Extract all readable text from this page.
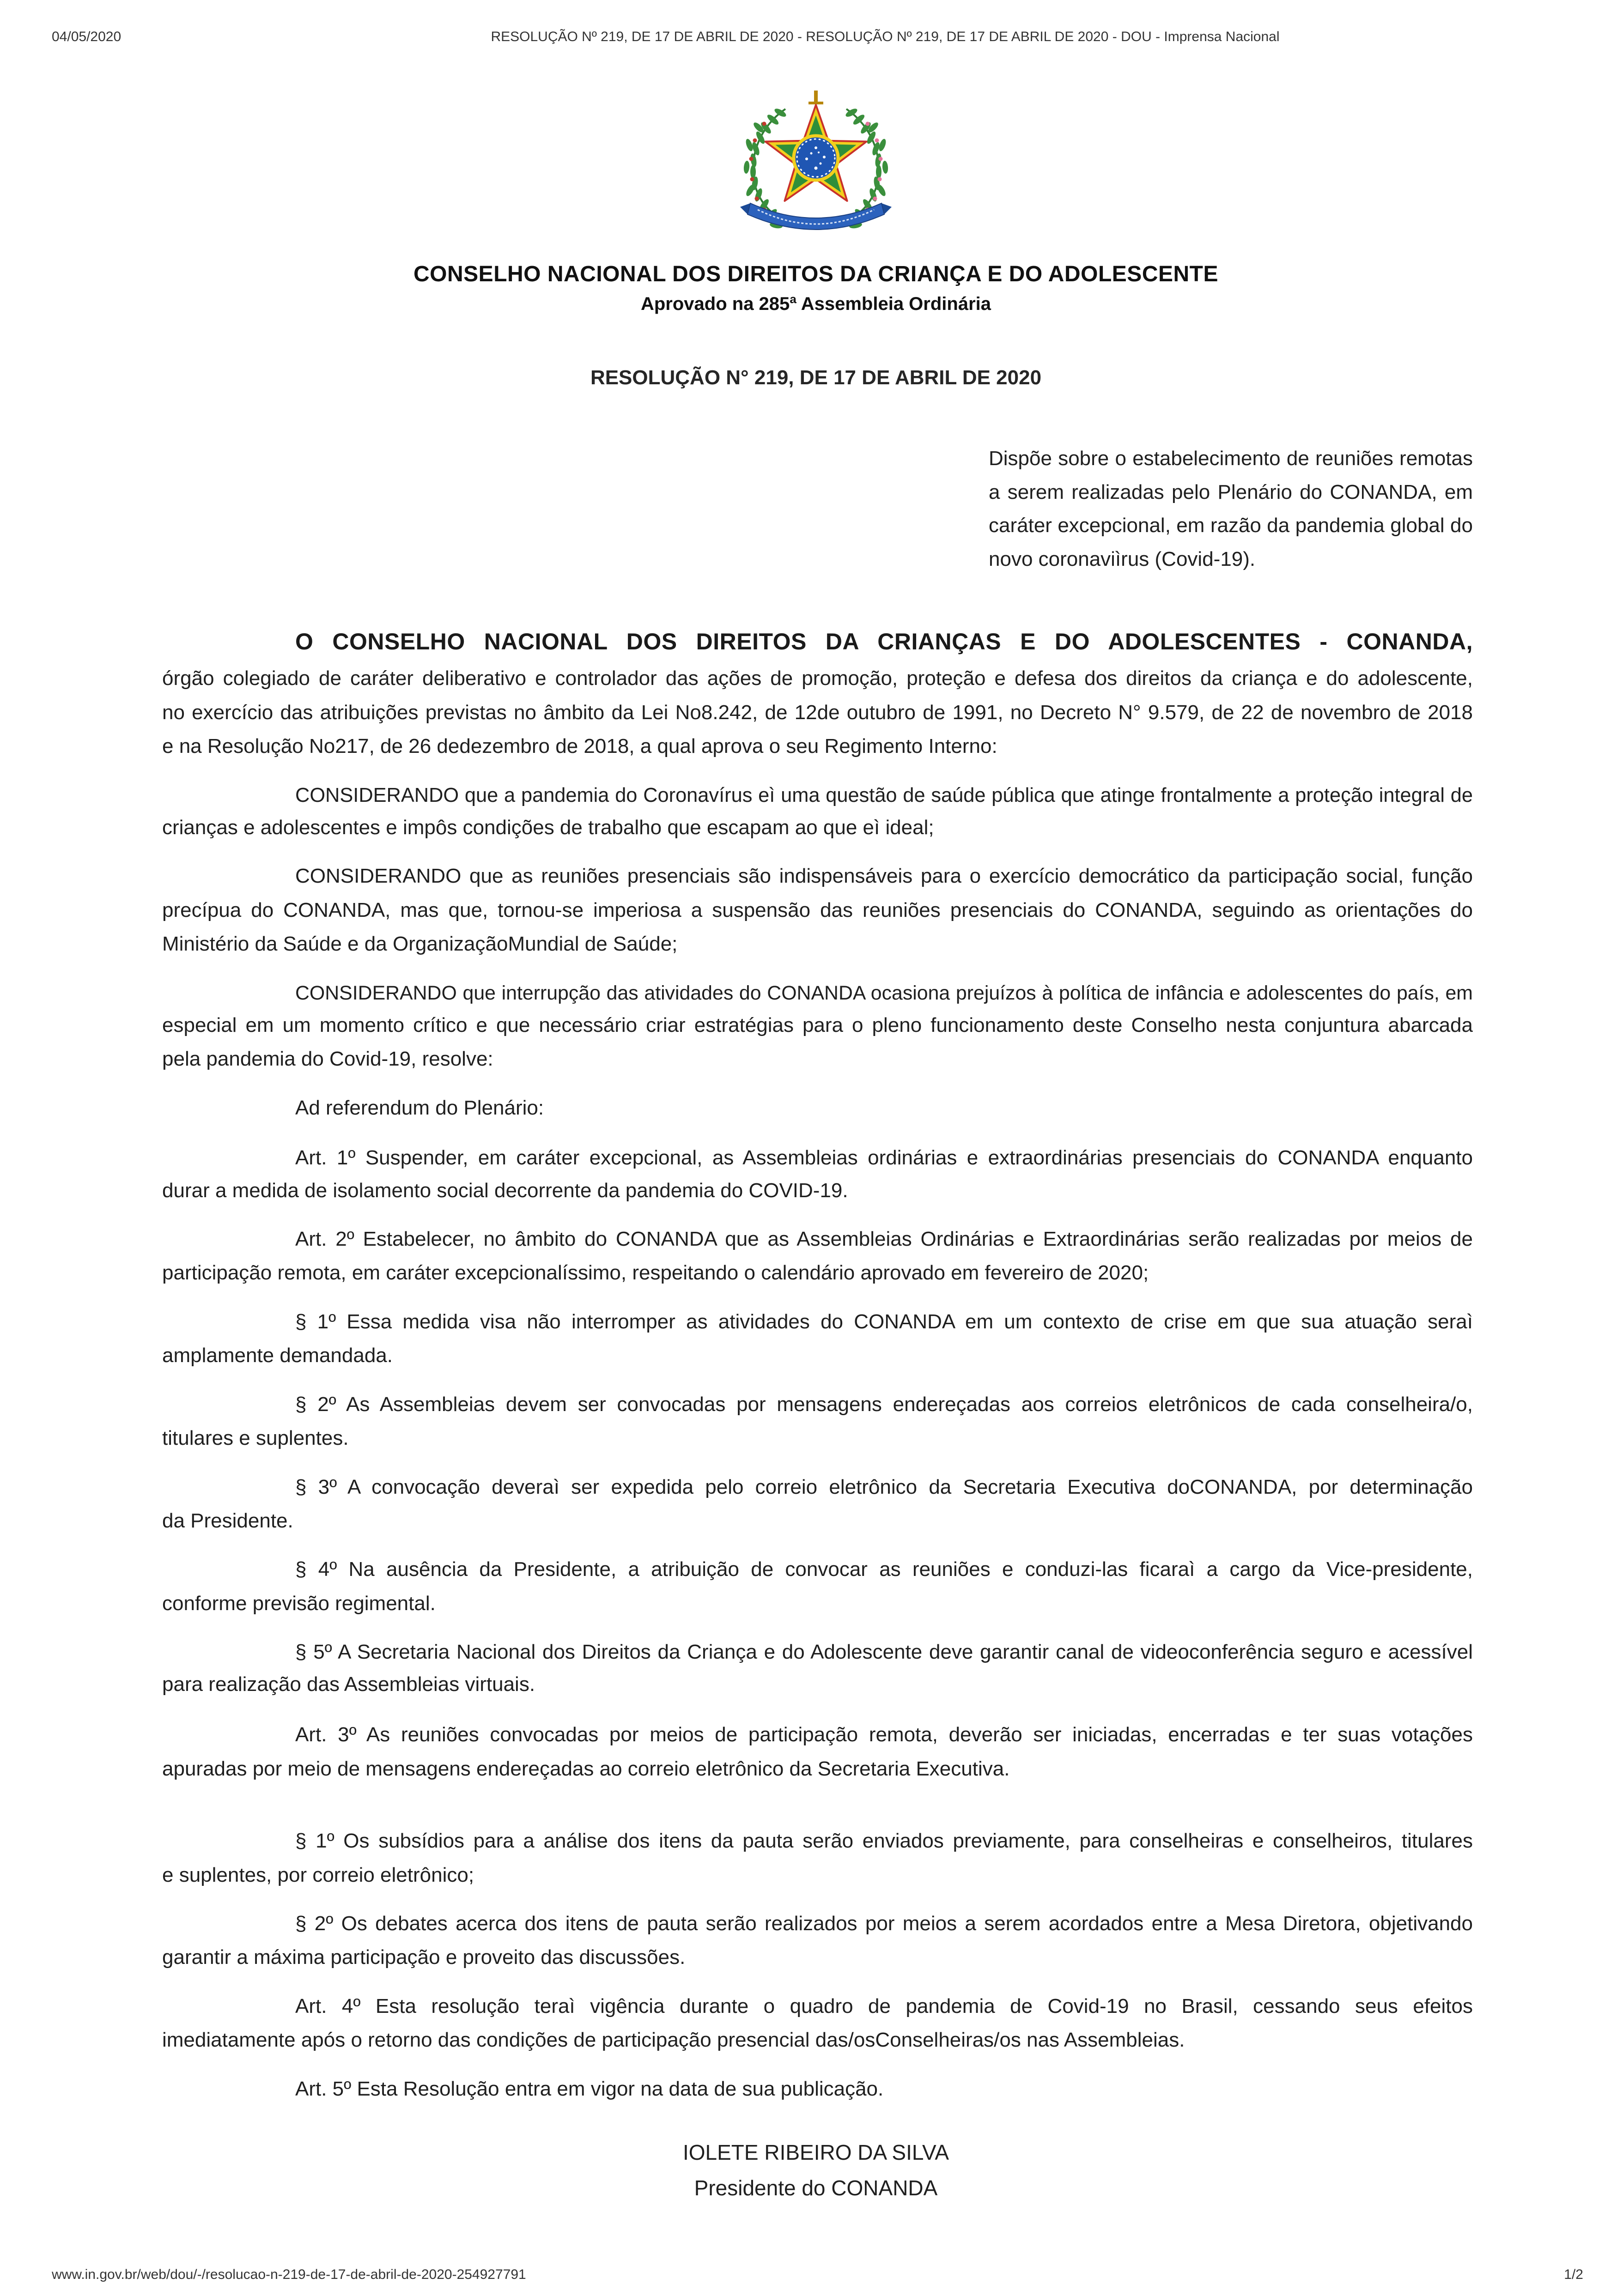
04/05/2020	RESOLUÇÃO Nº 219, DE 17 DE ABRIL DE 2020 - RESOLUÇÃO Nº 219, DE 17 DE ABRIL DE 2020 - DOU - Imprensa Nacional
CONSELHO NACIONAL DOS DIREITOS DA CRIANÇA E DO ADOLESCENTE
Aprovado na 285ª Assembleia Ordinária
RESOLUÇÃO N° 219, DE 17 DE ABRIL DE 2020
Dispõe sobre o estabelecimento de reuniões remotas
a serem realizadas pelo Plenário do CONANDA, em
caráter excepcional, em razão da pandemia global do
novo coronaviìrus (Covid-19).
O CONSELHO NACIONAL DOS DIREITOS DA CRIANÇAS E DO ADOLESCENTES - CONANDA,
órgão colegiado de caráter deliberativo e controlador das ações de promoção, proteção e defesa dos direitos da criança e do adolescente,
no exercício das atribuições previstas no âmbito da Lei No8.242, de 12de outubro de 1991, no Decreto N° 9.579, de 22 de novembro de 2018
e na Resolução No217, de 26 dedezembro de 2018, a qual aprova o seu Regimento Interno:
CONSIDERANDO que a pandemia do Coronavírus eì uma questão de saúde pública que atinge frontalmente a proteção integral de
crianças e adolescentes e impôs condições de trabalho que escapam ao que eì ideal;
CONSIDERANDO que as reuniões presenciais são indispensáveis para o exercício democrático da participação social, função
precípua do CONANDA, mas que, tornou-se imperiosa a suspensão das reuniões presenciais do CONANDA, seguindo as orientações do
Ministério da Saúde e da OrganizaçãoMundial de Saúde;
CONSIDERANDO que interrupção das atividades do CONANDA ocasiona prejuízos à política de infância e adolescentes do país, em
especial em um momento crítico e que necessário criar estratégias para o pleno funcionamento deste Conselho nesta conjuntura abarcada
pela pandemia do Covid-19, resolve:
Ad referendum do Plenário:
Art. 1º Suspender, em caráter excepcional, as Assembleias ordinárias e extraordinárias presenciais do CONANDA enquanto
durar a medida de isolamento social decorrente da pandemia do COVID-19.
Art. 2º Estabelecer, no âmbito do CONANDA que as Assembleias Ordinárias e Extraordinárias serão realizadas por meios de
participação remota, em caráter excepcionalíssimo, respeitando o calendário aprovado em fevereiro de 2020;
§ 1º Essa medida visa não interromper as atividades do CONANDA em um contexto de crise em que sua atuação seraì
amplamente demandada.
§ 2º As Assembleias devem ser convocadas por mensagens endereçadas aos correios eletrônicos de cada conselheira/o,
titulares e suplentes.
§ 3º A convocação deveraì ser expedida pelo correio eletrônico da Secretaria Executiva doCONANDA, por determinação
da Presidente.
§ 4º Na ausência da Presidente, a atribuição de convocar as reuniões e conduzi-las ficaraì a cargo da Vice-presidente,
conforme previsão regimental.
§ 5º A Secretaria Nacional dos Direitos da Criança e do Adolescente deve garantir canal de videoconferência seguro e acessível
para realização das Assembleias virtuais.
Art. 3º As reuniões convocadas por meios de participação remota, deverão ser iniciadas, encerradas e ter suas votações
apuradas por meio de mensagens endereçadas ao correio eletrônico da Secretaria Executiva.
§ 1º Os subsídios para a análise dos itens da pauta serão enviados previamente, para conselheiras e conselheiros, titulares
e suplentes, por correio eletrônico;
§ 2º Os debates acerca dos itens de pauta serão realizados por meios a serem acordados entre a Mesa Diretora, objetivando
garantir a máxima participação e proveito das discussões.
Art. 4º Esta resolução teraì vigência durante o quadro de pandemia de Covid-19 no Brasil, cessando seus efeitos
imediatamente após o retorno das condições de participação presencial das/osConselheiras/os nas Assembleias.
Art. 5º Esta Resolução entra em vigor na data de sua publicação.
IOLETE RIBEIRO DA SILVA
Presidente do CONANDA
www.in.gov.br/web/dou/-/resolucao-n-219-de-17-de-abril-de-2020-254927791	1/2
